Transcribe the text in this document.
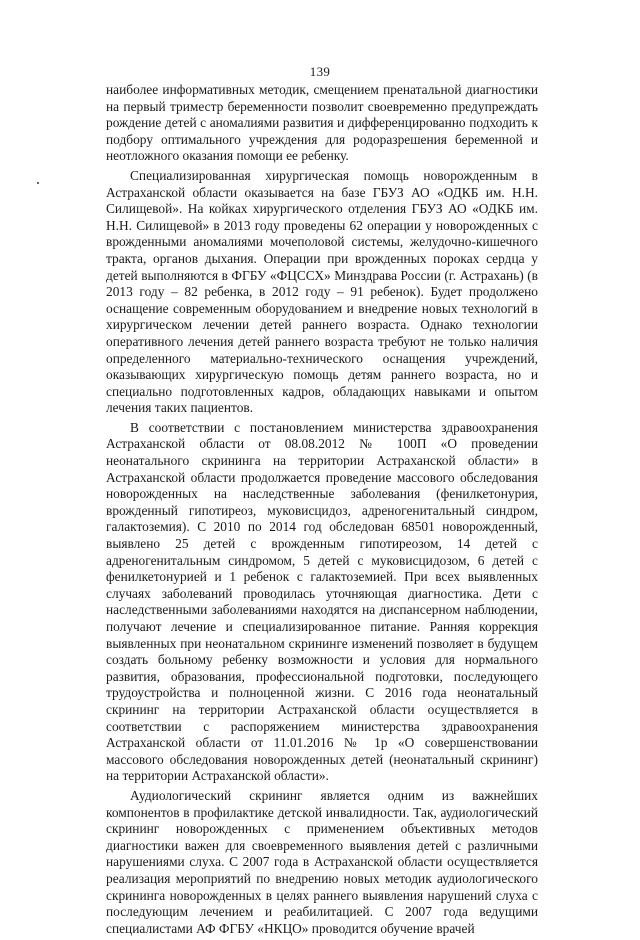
139

наиболее информативных методик, смещением пренатальной диагностики на первый триместр беременности позволит своевременно предупреждать рождение детей с аномалиями развития и дифференцированно подходить к подбору оптимального учреждения для родоразрешения беременной и неотложного оказания помощи ее ребенку.

Специализированная хирургическая помощь новорожденным в Астраханской области оказывается на базе ГБУЗ АО «ОДКБ им. Н.Н. Силищевой». На койках хирургического отделения ГБУЗ АО «ОДКБ им. Н.Н. Силищевой» в 2013 году проведены 62 операции у новорожденных с врожденными аномалиями мочеполовой системы, желудочно-кишечного тракта, органов дыхания. Операции при врожденных пороках сердца у детей выполняются в ФГБУ «ФЦССХ» Минздрава России (г. Астрахань) (в 2013 году – 82 ребенка, в 2012 году – 91 ребенок). Будет продолжено оснащение современным оборудованием и внедрение новых технологий в хирургическом лечении детей раннего возраста. Однако технологии оперативного лечения детей раннего возраста требуют не только наличия определенного материально-технического оснащения учреждений, оказывающих хирургическую помощь детям раннего возраста, но и специально подготовленных кадров, обладающих навыками и опытом лечения таких пациентов.

В соответствии с постановлением министерства здравоохранения Астраханской области от 08.08.2012 № 100П «О проведении неонатального скрининга на территории Астраханской области» в Астраханской области продолжается проведение массового обследования новорожденных на наследственные заболевания (фенилкетонурия, врожденный гипотиреоз, муковисцидоз, адреногенитальный синдром, галактоземия). С 2010 по 2014 год обследован 68501 новорожденный, выявлено 25 детей с врожденным гипотиреозом, 14 детей с адреногенитальным синдромом, 5 детей с муковисцидозом, 6 детей с фенилкетонурией и 1 ребенок с галактоземией. При всех выявленных случаях заболеваний проводилась уточняющая диагностика. Дети с наследственными заболеваниями находятся на диспансерном наблюдении, получают лечение и специализированное питание. Ранняя коррекция выявленных при неонатальном скрининге изменений позволяет в будущем создать больному ребенку возможности и условия для нормального развития, образования, профессиональной подготовки, последующего трудоустройства и полноценной жизни. С 2016 года неонатальный скрининг на территории Астраханской области осуществляется в соответствии с распоряжением министерства здравоохранения Астраханской области от 11.01.2016 № 1р «О совершенствовании массового обследования новорожденных детей (неонатальный скрининг) на территории Астраханской области».

Аудиологический скрининг является одним из важнейших компонентов в профилактике детской инвалидности. Так, аудиологический скрининг новорожденных с применением объективных методов диагностики важен для своевременного выявления детей с различными нарушениями слуха. С 2007 года в Астраханской области осуществляется реализация мероприятий по внедрению новых методик аудиологического скрининга новорожденных в целях раннего выявления нарушений слуха с последующим лечением и реабилитацией. С 2007 года ведущими специалистами АФ ФГБУ «НКЦО» проводится обучение врачей
